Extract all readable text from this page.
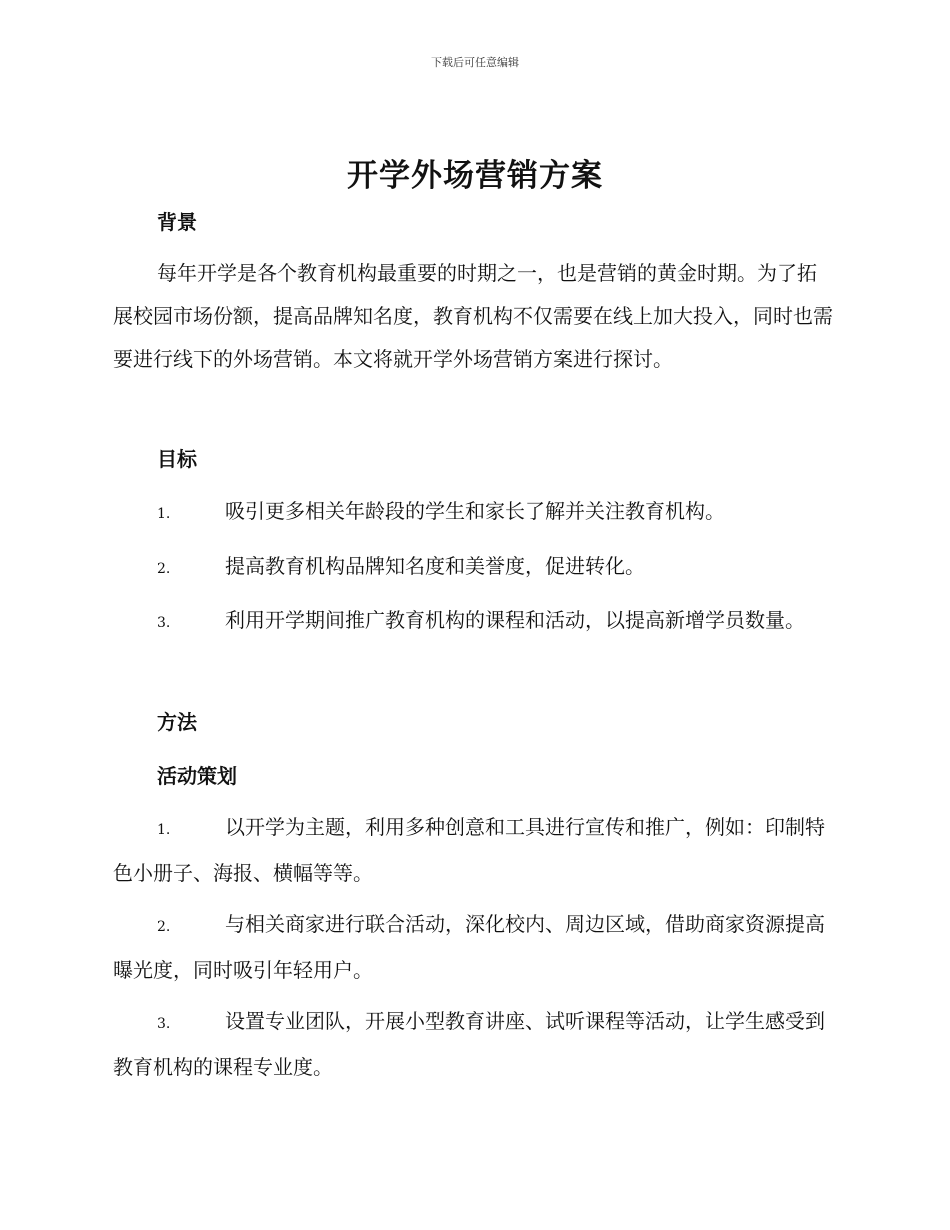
下载后可任意编辑
开学外场营销方案
背景
每年开学是各个教育机构最重要的时期之一，也是营销的黄金时期。为了拓展校园市场份额，提高品牌知名度，教育机构不仅需要在线上加大投入，同时也需要进行线下的外场营销。本文将就开学外场营销方案进行探讨。
目标
1.	吸引更多相关年龄段的学生和家长了解并关注教育机构。
2.	提高教育机构品牌知名度和美誉度，促进转化。
3.	利用开学期间推广教育机构的课程和活动，以提高新增学员数量。
方法
活动策划
1.	以开学为主题，利用多种创意和工具进行宣传和推广，例如：印制特色小册子、海报、横幅等等。
2.	与相关商家进行联合活动，深化校内、周边区域，借助商家资源提高曝光度，同时吸引年轻用户。
3.	设置专业团队，开展小型教育讲座、试听课程等活动，让学生感受到教育机构的课程专业度。
